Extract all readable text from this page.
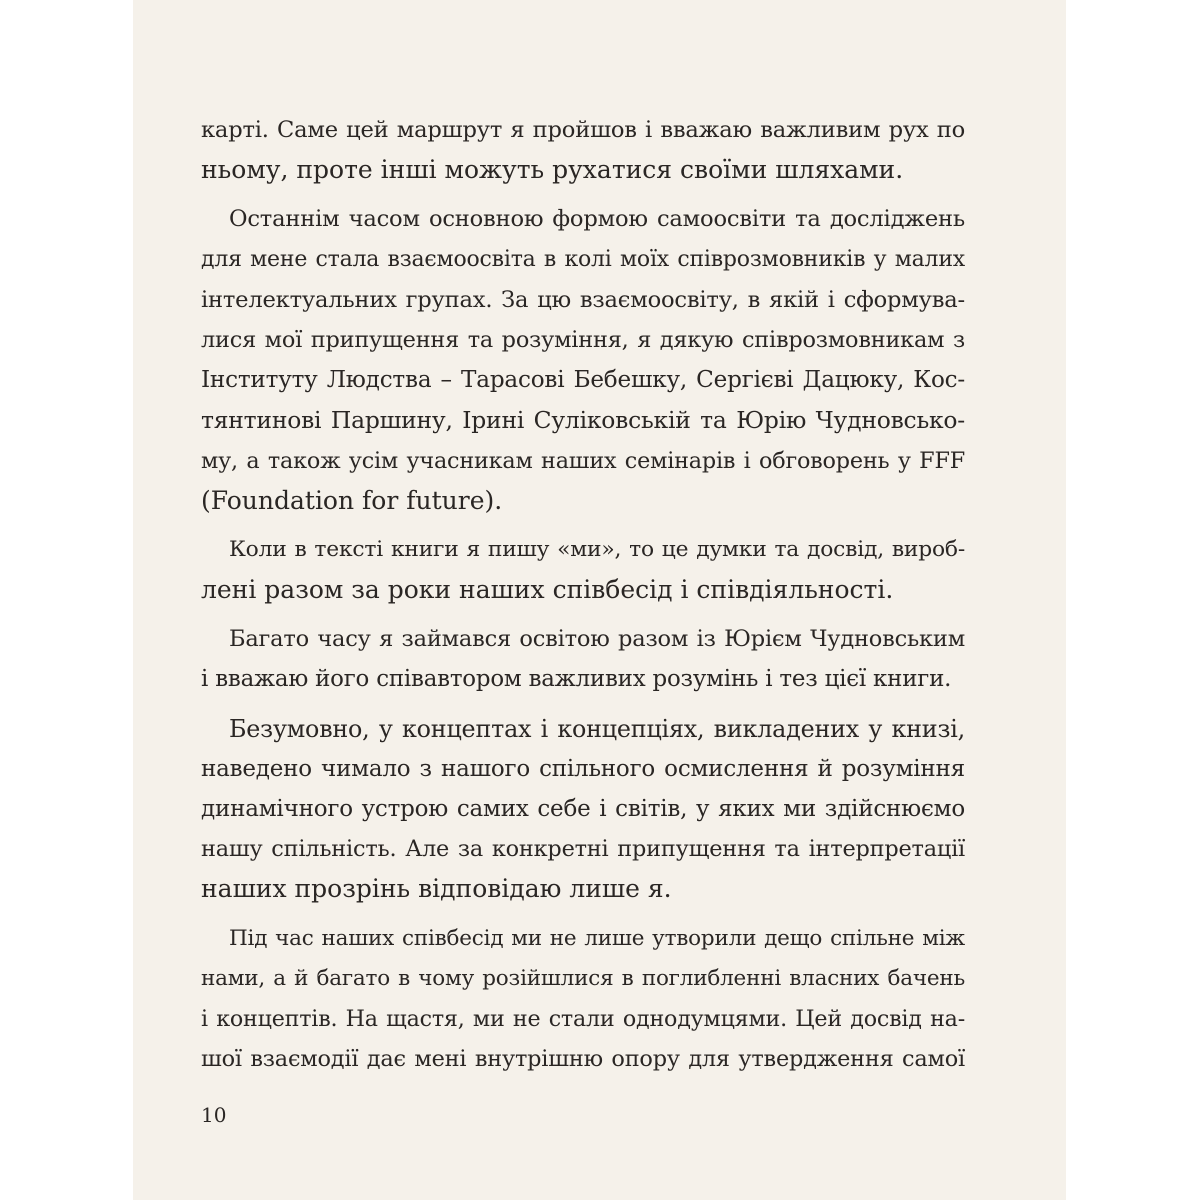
карті. Саме цей маршрут я пройшов і вважаю важливим рух по
ньому, проте інші можуть рухатися своїми шляхами.
Останнім часом основною формою самоосвіти та досліджень
для мене стала взаємоосвіта в колі моїх співрозмовників у малих
інтелектуальних групах. За цю взаємоосвіту, в якій і сформува-
лися мої припущення та розуміння, я дякую співрозмовникам з
Інституту Людства – Тарасові Бебешку, Сергієві Дацюку, Кос-
тянтинові Паршину, Ірині Суліковській та Юрію Чудновсько-
му, а також усім учасникам наших семінарів і обговорень у FFF
(Foundation for future).
Коли в тексті книги я пишу «ми», то це думки та досвід, вироб-
лені разом за роки наших співбесід і співдіяльності.
Багато часу я займався освітою разом із Юрієм Чудновським
і вважаю його співавтором важливих розумінь і тез цієї книги.
Безумовно, у концептах і концепціях, викладених у книзі,
наведено чимало з нашого спільного осмислення й розуміння
динамічного устрою самих себе і світів, у яких ми здійснюємо
нашу спільність. Але за конкретні припущення та інтерпретації
наших прозрінь відповідаю лише я.
Під час наших співбесід ми не лише утворили дещо спільне між
нами, а й багато в чому розійшлися в поглибленні власних бачень
і концептів. На щастя, ми не стали однодумцями. Цей досвід на-
шої взаємодії дає мені внутрішню опору для утвердження самої
10
